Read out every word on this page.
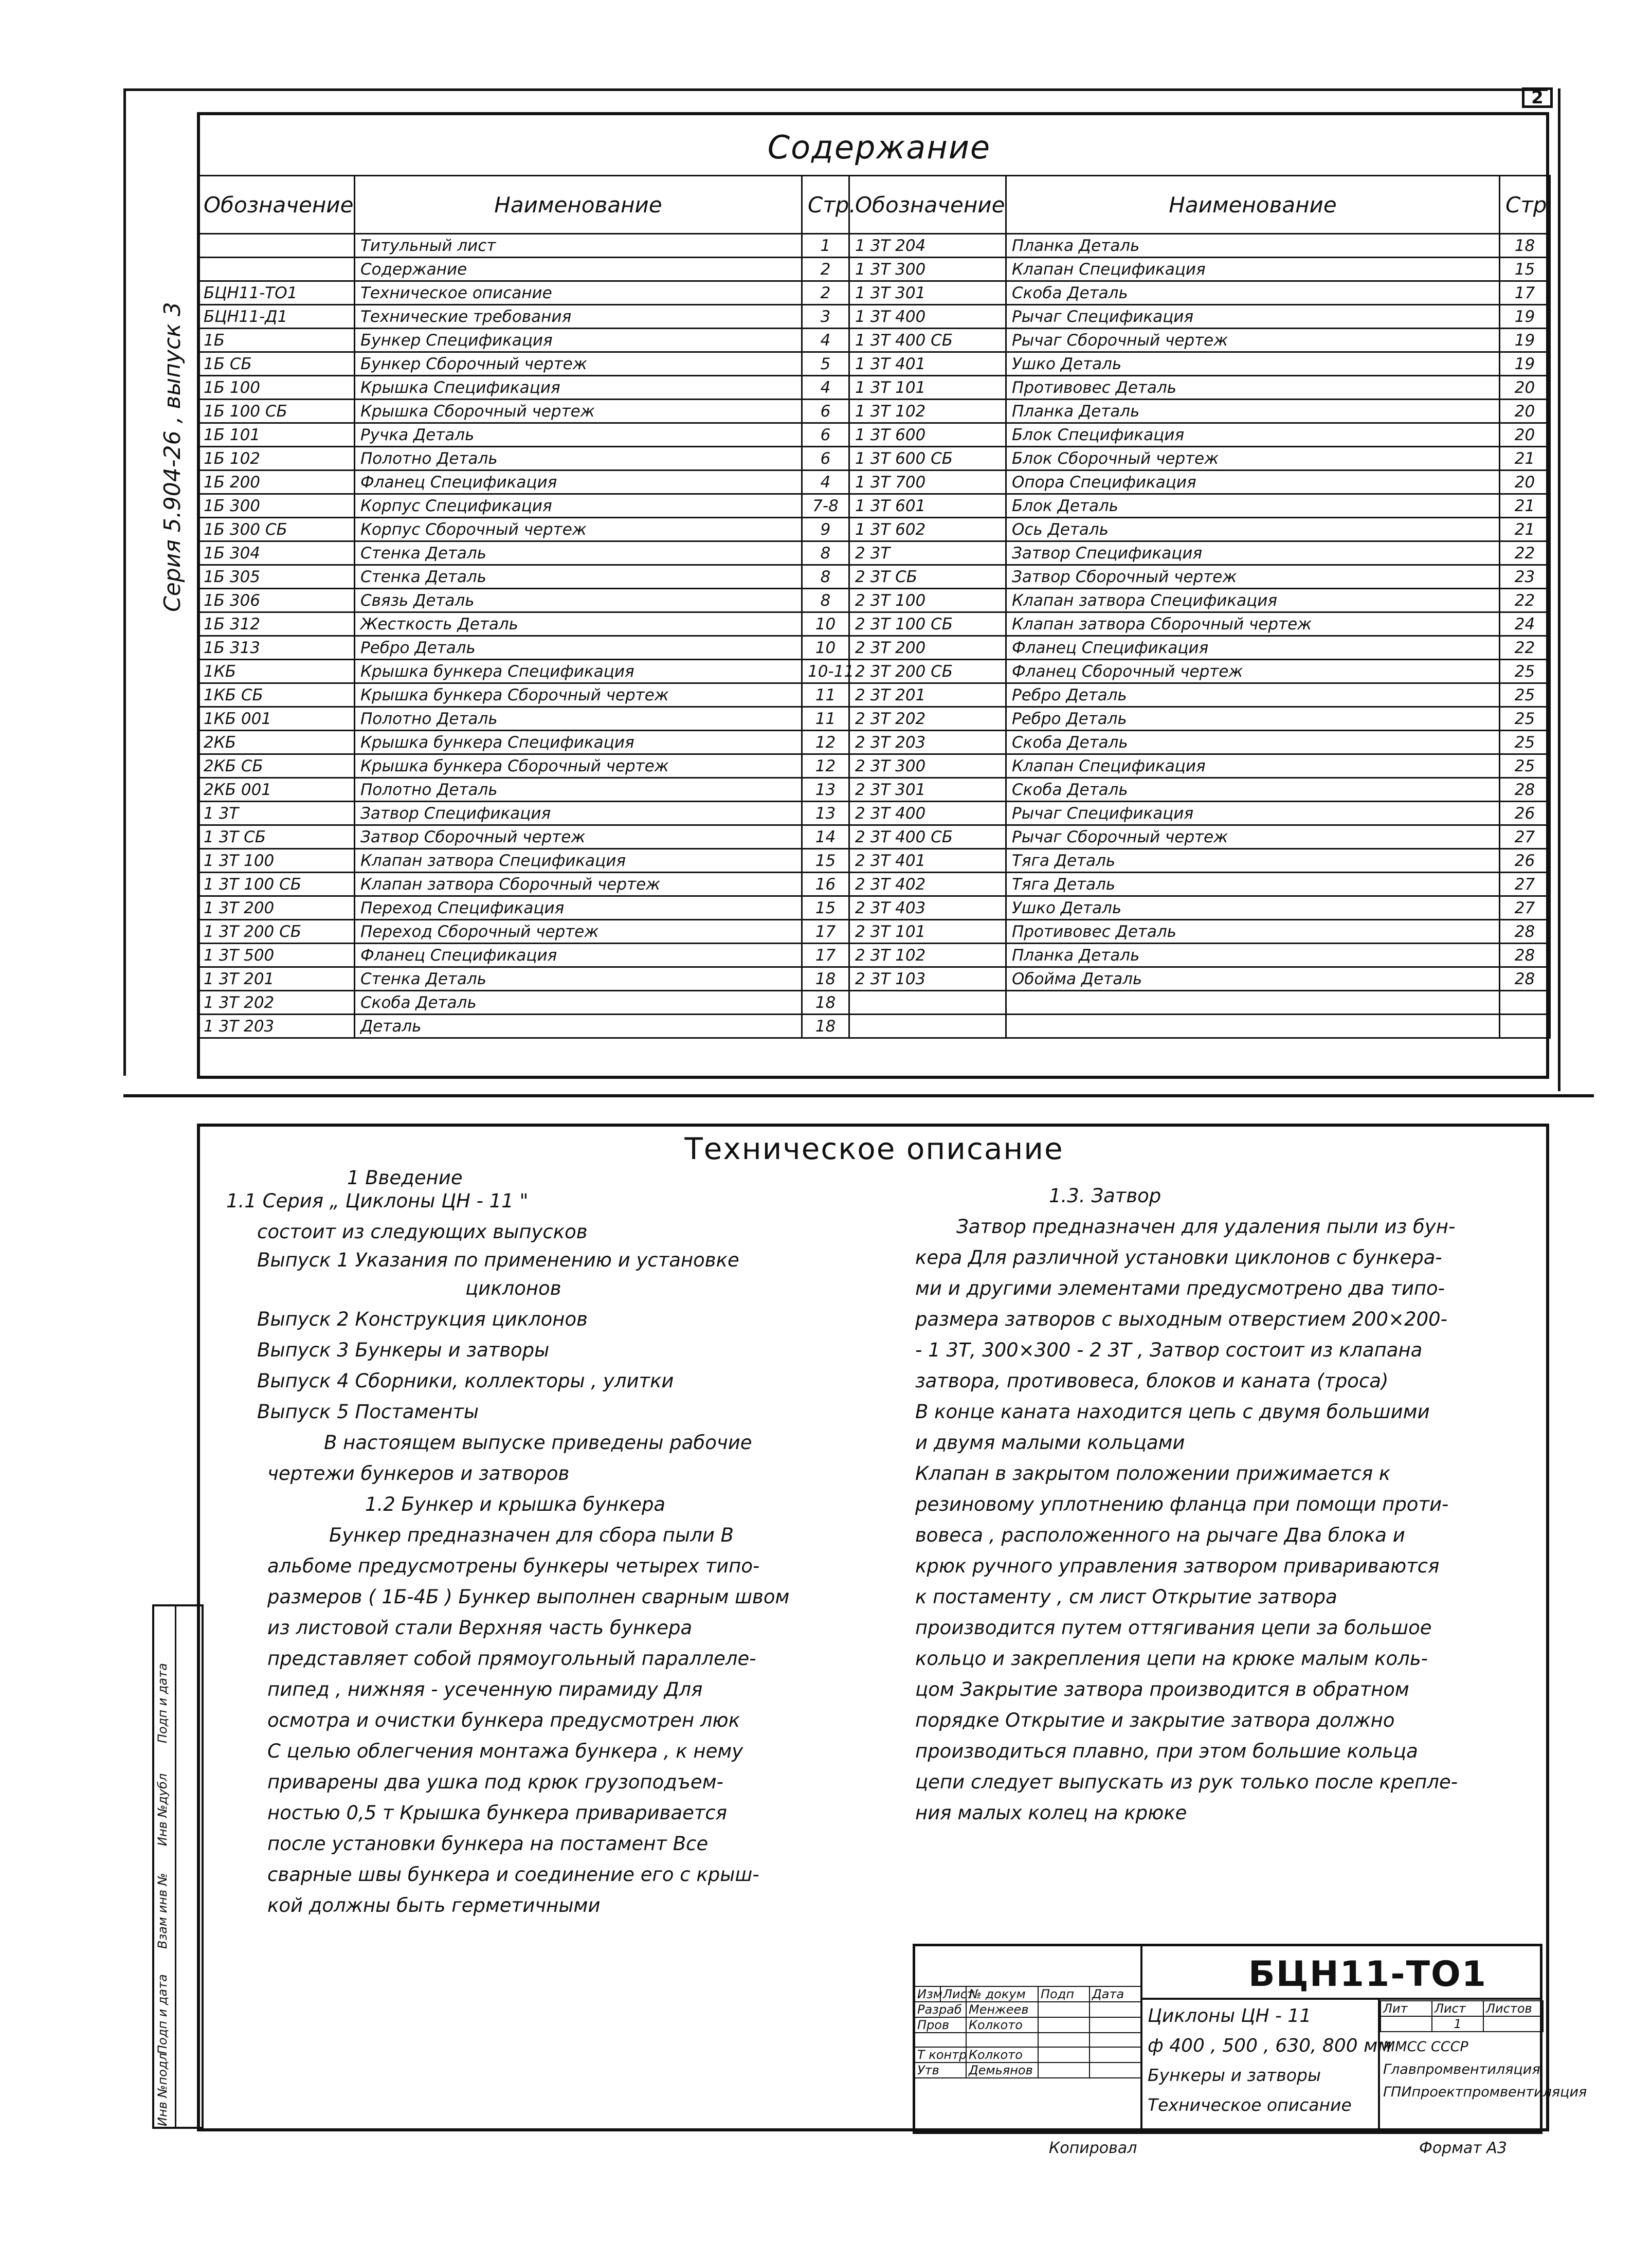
2
Содержание
Серия 5.904-26 , выпуск 3
Обозначение	Наименование	Стр.	Обозначение	Наименование	Стр
	Титульный лист	1	1 3Т 204	Планка Деталь	18
	Содержание	2	1 3Т 300	Клапан Спецификация	15
БЦН11-ТО1	Техническое описание	2	1 3Т 301	Скоба Деталь	17
БЦН11-Д1	Технические требования	3	1 3Т 400	Рычаг Спецификация	19
1Б	Бункер Спецификация	4	1 3Т 400 СБ	Рычаг Сборочный чертеж	19
1Б СБ	Бункер Сборочный чертеж	5	1 3Т 401	Ушко Деталь	19
1Б 100	Крышка Спецификация	4	1 3Т 101	Противовес Деталь	20
1Б 100 СБ	Крышка Сборочный чертеж	6	1 3Т 102	Планка Деталь	20
1Б 101	Ручка Деталь	6	1 3Т 600	Блок Спецификация	20
1Б 102	Полотно Деталь	6	1 3Т 600 СБ	Блок Сборочный чертеж	21
1Б 200	Фланец Спецификация	4	1 3Т 700	Опора Спецификация	20
1Б 300	Корпус Спецификация	7-8	1 3Т 601	Блок Деталь	21
1Б 300 СБ	Корпус Сборочный чертеж	9	1 3Т 602	Ось Деталь	21
1Б 304	Стенка Деталь	8	2 3Т	Затвор Спецификация	22
1Б 305	Стенка Деталь	8	2 3Т СБ	Затвор Сборочный чертеж	23
1Б 306	Связь Деталь	8	2 3Т 100	Клапан затвора Спецификация	22
1Б 312	Жесткость Деталь	10	2 3Т 100 СБ	Клапан затвора Сборочный чертеж	24
1Б 313	Ребро Деталь	10	2 3Т 200	Фланец Спецификация	22
1КБ	Крышка бункера Спецификация	10-11	2 3Т 200 СБ	Фланец Сборочный чертеж	25
1КБ СБ	Крышка бункера Сборочный чертеж	11	2 3Т 201	Ребро Деталь	25
1КБ 001	Полотно Деталь	11	2 3Т 202	Ребро Деталь	25
2КБ	Крышка бункера Спецификация	12	2 3Т 203	Скоба Деталь	25
2КБ СБ	Крышка бункера Сборочный чертеж	12	2 3Т 300	Клапан Спецификация	25
2КБ 001	Полотно Деталь	13	2 3Т 301	Скоба Деталь	28
1 3Т	Затвор Спецификация	13	2 3Т 400	Рычаг Спецификация	26
1 3Т СБ	Затвор Сборочный чертеж	14	2 3Т 400 СБ	Рычаг Сборочный чертеж	27
1 3Т 100	Клапан затвора Спецификация	15	2 3Т 401	Тяга Деталь	26
1 3Т 100 СБ	Клапан затвора Сборочный чертеж	16	2 3Т 402	Тяга Деталь	27
1 3Т 200	Переход Спецификация	15	2 3Т 403	Ушко Деталь	27
1 3Т 200 СБ	Переход Сборочный чертеж	17	2 3Т 101	Противовес Деталь	28
1 3Т 500	Фланец Спецификация	17	2 3Т 102	Планка Деталь	28
1 3Т 201	Стенка Деталь	18	2 3Т 103	Обойма Деталь	28
1 3Т 202	Скоба Деталь	18			
1 3Т 203	Деталь	18			
Техническое описание
1 Введение
1.1 Серия „ Циклоны ЦН - 11 "
состоит из следующих выпусков
Выпуск 1 Указания по применению и установке
циклонов
Выпуск 2 Конструкция циклонов
Выпуск 3 Бункеры и затворы
Выпуск 4 Сборники, коллекторы , улитки
Выпуск 5 Постаменты
В настоящем выпуске приведены рабочие
чертежи бункеров и затворов
1.2 Бункер и крышка бункера
Бункер предназначен для сбора пыли В
альбоме предусмотрены бункеры четырех типо-
размеров ( 1Б-4Б ) Бункер выполнен сварным швом
из листовой стали Верхняя часть бункера
представляет собой прямоугольный параллеле-
пипед , нижняя - усеченную пирамиду Для
осмотра и очистки бункера предусмотрен люк
С целью облегчения монтажа бункера , к нему
приварены два ушка под крюк грузоподъем-
ностью 0,5 т Крышка бункера приваривается
после установки бункера на постамент Все
сварные швы бункера и соединение его с крыш-
кой должны быть герметичными
1.3. Затвор
Затвор предназначен для удаления пыли из бун-
кера Для различной установки циклонов с бункера-
ми и другими элементами предусмотрено два типо-
размера затворов с выходным отверстием 200×200-
- 1 3Т, 300×300 - 2 3Т , Затвор состоит из клапана
затвора, противовеса, блоков и каната (троса)
В конце каната находится цепь с двумя большими
и двумя малыми кольцами
Клапан в закрытом положении прижимается к
резиновому уплотнению фланца при помощи проти-
вовеса , расположенного на рычаге Два блока и
крюк ручного управления затвором привариваются
к постаменту , см лист Открытие затвора
производится путем оттягивания цепи за большое
кольцо и закрепления цепи на крюке малым коль-
цом Закрытие затвора производится в обратном
порядке Открытие и закрытие затвора должно
производиться плавно, при этом большие кольца
цепи следует выпускать из рук только после крепле-
ния малых колец на крюке
Инв №подл
Подп и дата
Взам инв №
Инв №дубл
Подп и дата
БЦН11-ТО1
Изм	Лист	№ докум	Подп	Дата
Разраб		Менжеев		
Пров		Колкото		

Т контр		Колкото		
Утв		Демьянов		
Циклоны ЦН - 11
ф 400 , 500 , 630, 800 мм
Бункеры и затворы
Техническое описание
Лит	Лист	Листов
	1	
ММСС СССР
Главпромвентиляция
ГПИпроектпромвентиляция
Копировал	Формат А3
